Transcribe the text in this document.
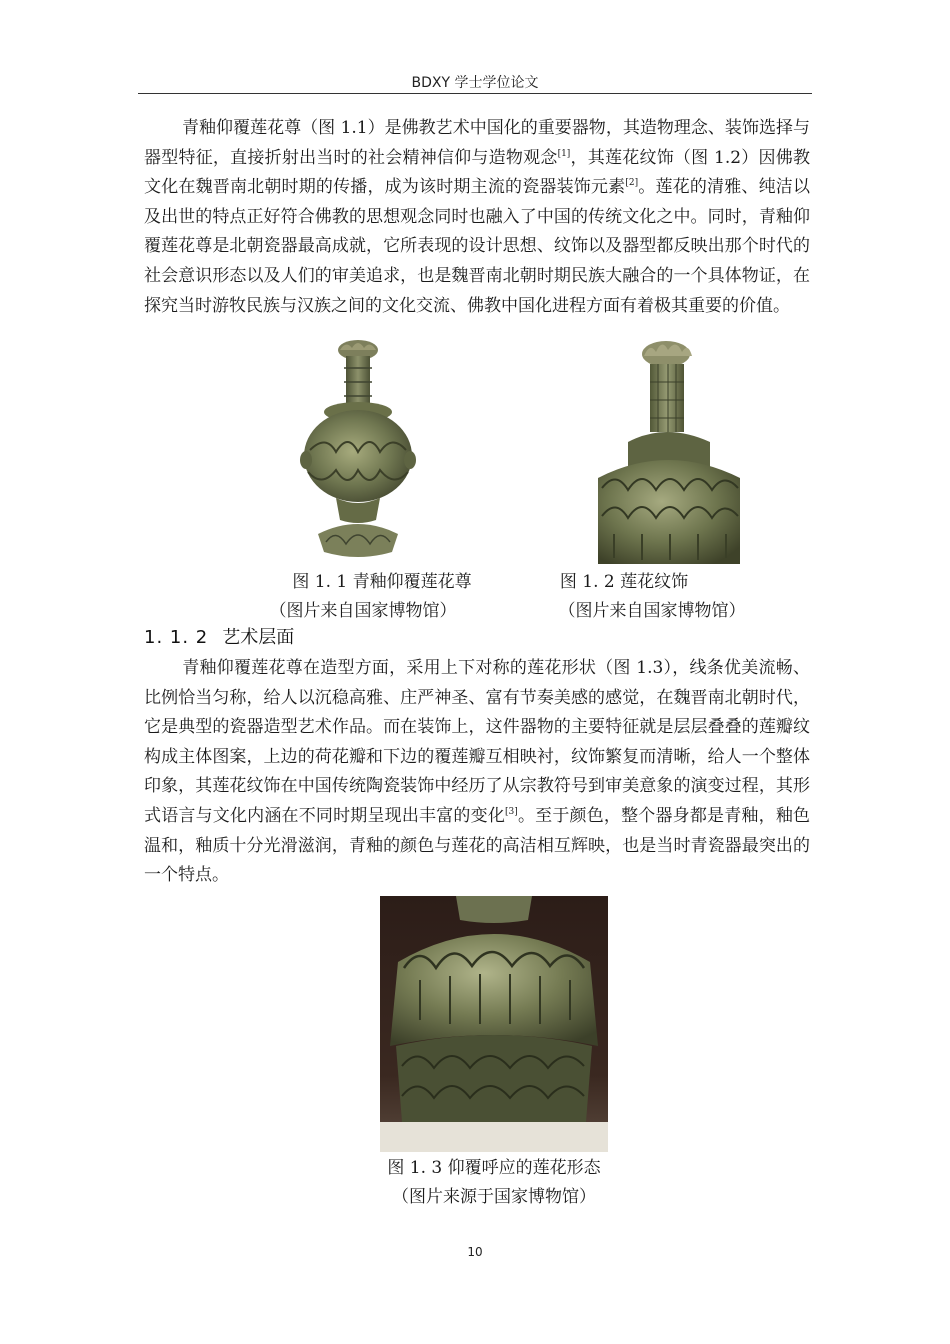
BDXY 学士学位论文

青釉仰覆莲花尊（图 1.1）是佛教艺术中国化的重要器物，其造物理念、装饰选择与器型特征，直接折射出当时的社会精神信仰与造物观念[1]，其莲花纹饰（图 1.2）因佛教文化在魏晋南北朝时期的传播，成为该时期主流的瓷器装饰元素[2]。莲花的清雅、纯洁以及出世的特点正好符合佛教的思想观念同时也融入了中国的传统文化之中。同时，青釉仰覆莲花尊是北朝瓷器最高成就，它所表现的设计思想、纹饰以及器型都反映出那个时代的社会意识形态以及人们的审美追求，也是魏晋南北朝时期民族大融合的一个具体物证，在探究当时游牧民族与汉族之间的文化交流、佛教中国化进程方面有着极其重要的价值。

图 1. 1 青釉仰覆莲花尊
（图片来自国家博物馆）
图 1. 2 莲花纹饰
（图片来自国家博物馆）
1. 1. 2 艺术层面

青釉仰覆莲花尊在造型方面，采用上下对称的莲花形状（图 1.3），线条优美流畅、比例恰当匀称，给人以沉稳高雅、庄严神圣、富有节奏美感的感觉，在魏晋南北朝时代，它是典型的瓷器造型艺术作品。而在装饰上，这件器物的主要特征就是层层叠叠的莲瓣纹构成主体图案，上边的荷花瓣和下边的覆莲瓣互相映衬，纹饰繁复而清晰，给人一个整体印象，其莲花纹饰在中国传统陶瓷装饰中经历了从宗教符号到审美意象的演变过程，其形式语言与文化内涵在不同时期呈现出丰富的变化[3]。至于颜色，整个器身都是青釉，釉色温和，釉质十分光滑滋润，青釉的颜色与莲花的高洁相互辉映，也是当时青瓷器最突出的一个特点。

图 1. 3 仰覆呼应的莲花形态
（图片来源于国家博物馆）
10
